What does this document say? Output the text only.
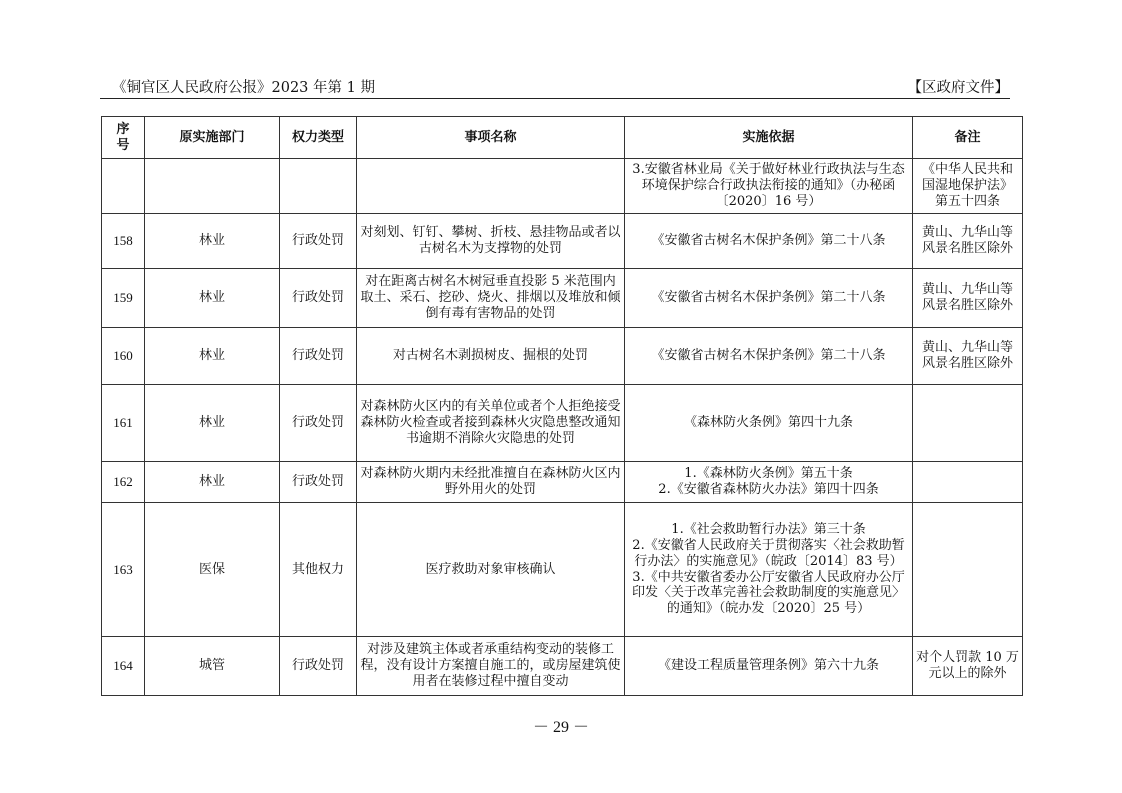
《铜官区人民政府公报》2023 年第 1 期	【区政府文件】
序号	原实施部门	权力类型	事项名称	实施依据	备注
				3.安徽省林业局《关于做好林业行政执法与生态环境保护综合行政执法衔接的通知》（办秘函〔2020〕16 号）	《中华人民共和国湿地保护法》第五十四条
158	林业	行政处罚	对刻划、钉钉、攀树、折枝、悬挂物品或者以古树名木为支撑物的处罚	《安徽省古树名木保护条例》第二十八条	黄山、九华山等风景名胜区除外
159	林业	行政处罚	对在距离古树名木树冠垂直投影 5 米范围内取土、采石、挖砂、烧火、排烟以及堆放和倾倒有毒有害物品的处罚	《安徽省古树名木保护条例》第二十八条	黄山、九华山等风景名胜区除外
160	林业	行政处罚	对古树名木剥损树皮、掘根的处罚	《安徽省古树名木保护条例》第二十八条	黄山、九华山等风景名胜区除外
161	林业	行政处罚	对森林防火区内的有关单位或者个人拒绝接受森林防火检查或者接到森林火灾隐患整改通知书逾期不消除火灾隐患的处罚	《森林防火条例》第四十九条	
162	林业	行政处罚	对森林防火期内未经批准擅自在森林防火区内野外用火的处罚	1.《森林防火条例》第五十条
2.《安徽省森林防火办法》第四十四条	
163	医保	其他权力	医疗救助对象审核确认	1.《社会救助暂行办法》第三十条
2.《安徽省人民政府关于贯彻落实〈社会救助暂行办法〉的实施意见》（皖政〔2014〕83 号）
3.《中共安徽省委办公厅安徽省人民政府办公厅印发〈关于改革完善社会救助制度的实施意见〉的通知》（皖办发〔2020〕25 号）	
164	城管	行政处罚	对涉及建筑主体或者承重结构变动的装修工程，没有设计方案擅自施工的，或房屋建筑使用者在装修过程中擅自变动	《建设工程质量管理条例》第六十九条	对个人罚款 10 万元以上的除外
－ 29 －
